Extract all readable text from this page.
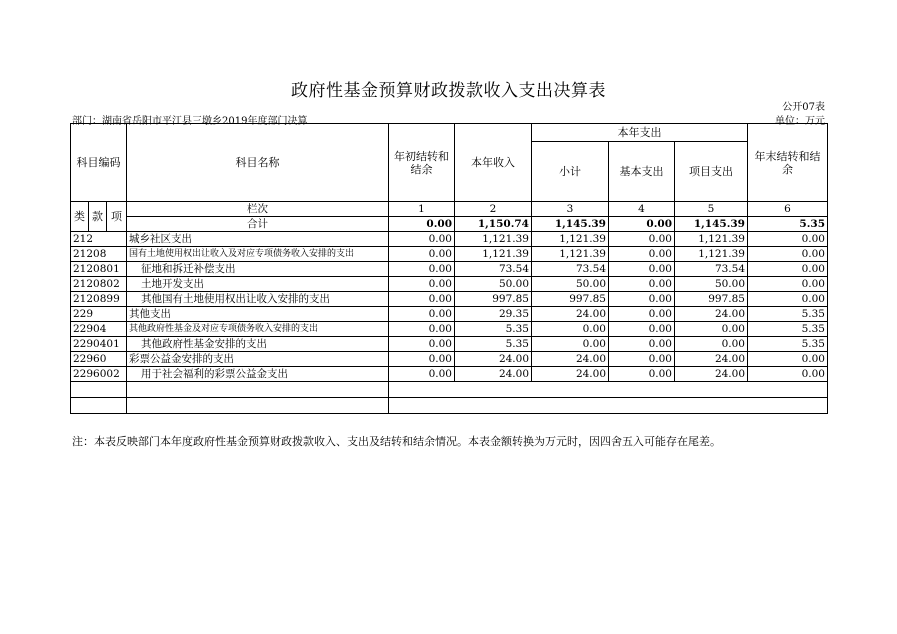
政府性基金预算财政拨款收入支出决算表
公开07表
部门：湖南省岳阳市平江县三墩乡2019年度部门决算	单位：万元
科目编码			科目名称	年初结转和结余	本年收入	本年支出			年末结转和结余
						小计	基本支出	项目支出	
类	款	项							
			栏次	1	2	3	4	5	6
			合计	0.00	1,150.74	1,145.39	0.00	1,145.39	5.35
212			城乡社区支出	0.00	1,121.39	1,121.39	0.00	1,121.39	0.00
21208			国有土地使用权出让收入及对应专项债务收入安排的支出	0.00	1,121.39	1,121.39	0.00	1,121.39	0.00
2120801			征地和拆迁补偿支出	0.00	73.54	73.54	0.00	73.54	0.00
2120802			土地开发支出	0.00	50.00	50.00	0.00	50.00	0.00
2120899			其他国有土地使用权出让收入安排的支出	0.00	997.85	997.85	0.00	997.85	0.00
229			其他支出	0.00	29.35	24.00	0.00	24.00	5.35
22904			其他政府性基金及对应专项债务收入安排的支出	0.00	5.35	0.00	0.00	0.00	5.35
2290401			其他政府性基金安排的支出	0.00	5.35	0.00	0.00	0.00	5.35
22960			彩票公益金安排的支出	0.00	24.00	24.00	0.00	24.00	0.00
2296002			用于社会福利的彩票公益金支出	0.00	24.00	24.00	0.00	24.00	0.00

注：本表反映部门本年度政府性基金预算财政拨款收入、支出及结转和结余情况。本表金额转换为万元时，因四舍五入可能存在尾差。
